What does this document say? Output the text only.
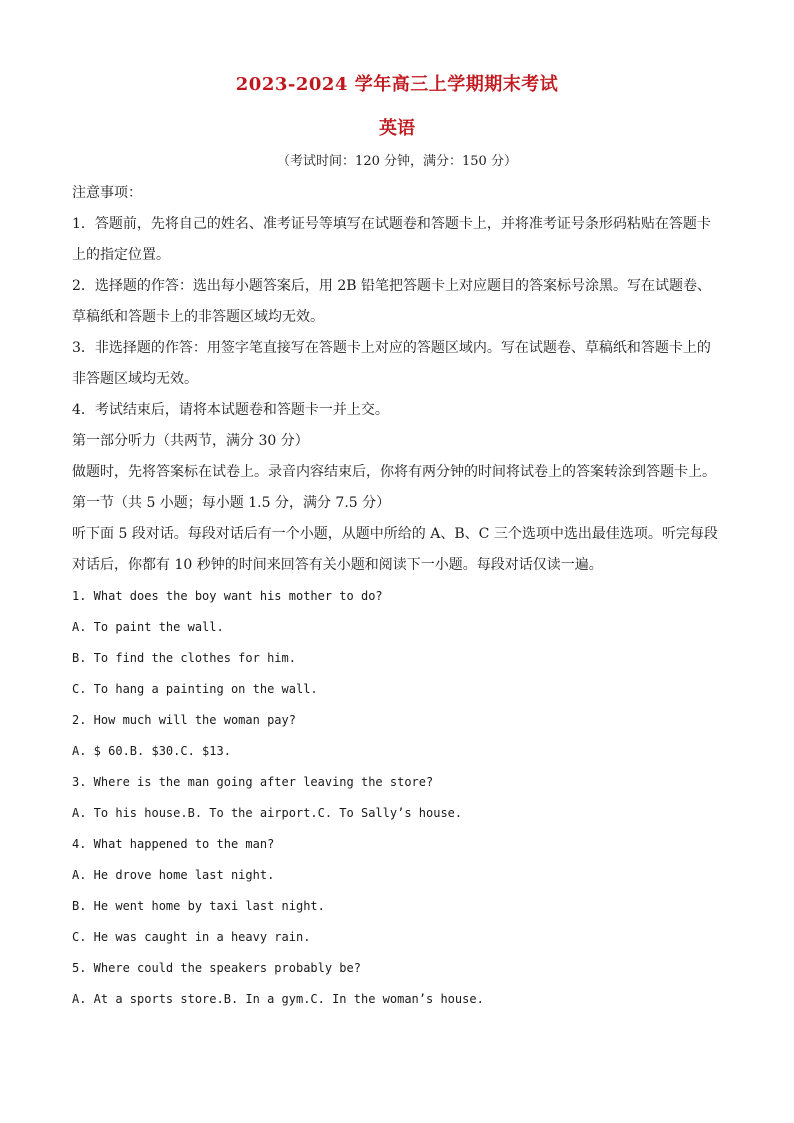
2023-2024 学年高三上学期期末考试
英语
（考试时间：120 分钟，满分：150 分）

注意事项：

1．答题前，先将自己的姓名、准考证号等填写在试题卷和答题卡上，并将准考证号条形码粘贴在答题卡上的指定位置。

2．选择题的作答：选出每小题答案后，用 2B 铅笔把答题卡上对应题目的答案标号涂黑。写在试题卷、草稿纸和答题卡上的非答题区域均无效。

3．非选择题的作答：用签字笔直接写在答题卡上对应的答题区域内。写在试题卷、草稿纸和答题卡上的非答题区域均无效。

4．考试结束后，请将本试题卷和答题卡一并上交。

第一部分听力（共两节，满分 30 分）

做题时，先将答案标在试卷上。录音内容结束后，你将有两分钟的时间将试卷上的答案转涂到答题卡上。

第一节（共 5 小题；每小题 1.5 分，满分 7.5 分）

听下面 5 段对话。每段对话后有一个小题，从题中所给的 A、B、C 三个选项中选出最佳选项。听完每段对话后，你都有 10 秒钟的时间来回答有关小题和阅读下一小题。每段对话仅读一遍。

1. What does the boy want his mother to do?

A. To paint the wall.

B. To find the clothes for him.

C. To hang a painting on the wall.

2. How much will the woman pay?

A. $ 60.B. $30.C. $13.

3. Where is the man going after leaving the store?

A. To his house.B. To the airport.C. To Sally’s house.

4. What happened to the man?

A. He drove home last night.

B. He went home by taxi last night.

C. He was caught in a heavy rain.

5. Where could the speakers probably be?

A. At a sports store.B. In a gym.C. In the woman’s house.
